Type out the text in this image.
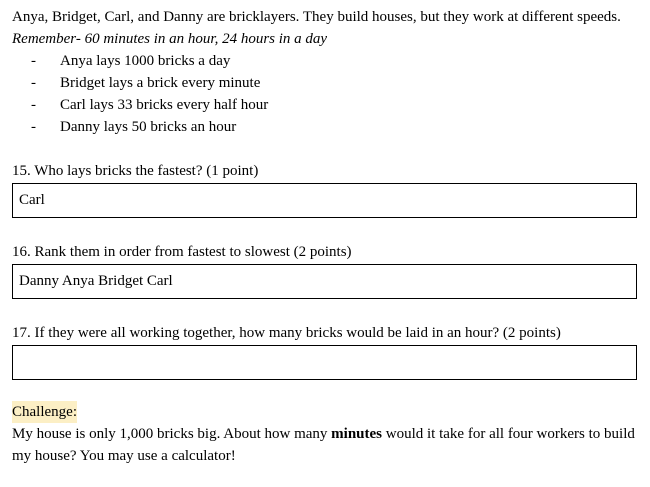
Anya, Bridget, Carl, and Danny are bricklayers. They build houses, but they work at different speeds. Remember- 60 minutes in an hour, 24 hours in a day

- Anya lays 1000 bricks a day
- Bridget lays a brick every minute
- Carl lays 33 bricks every half hour
- Danny lays 50 bricks an hour

15. Who lays bricks the fastest? (1 point)

Carl

16. Rank them in order from fastest to slowest (2 points)

Danny Anya Bridget Carl

17. If they were all working together, how many bricks would be laid in an hour? (2 points)

Challenge:

My house is only 1,000 bricks big. About how many minutes would it take for all four workers to build my house? You may use a calculator!
